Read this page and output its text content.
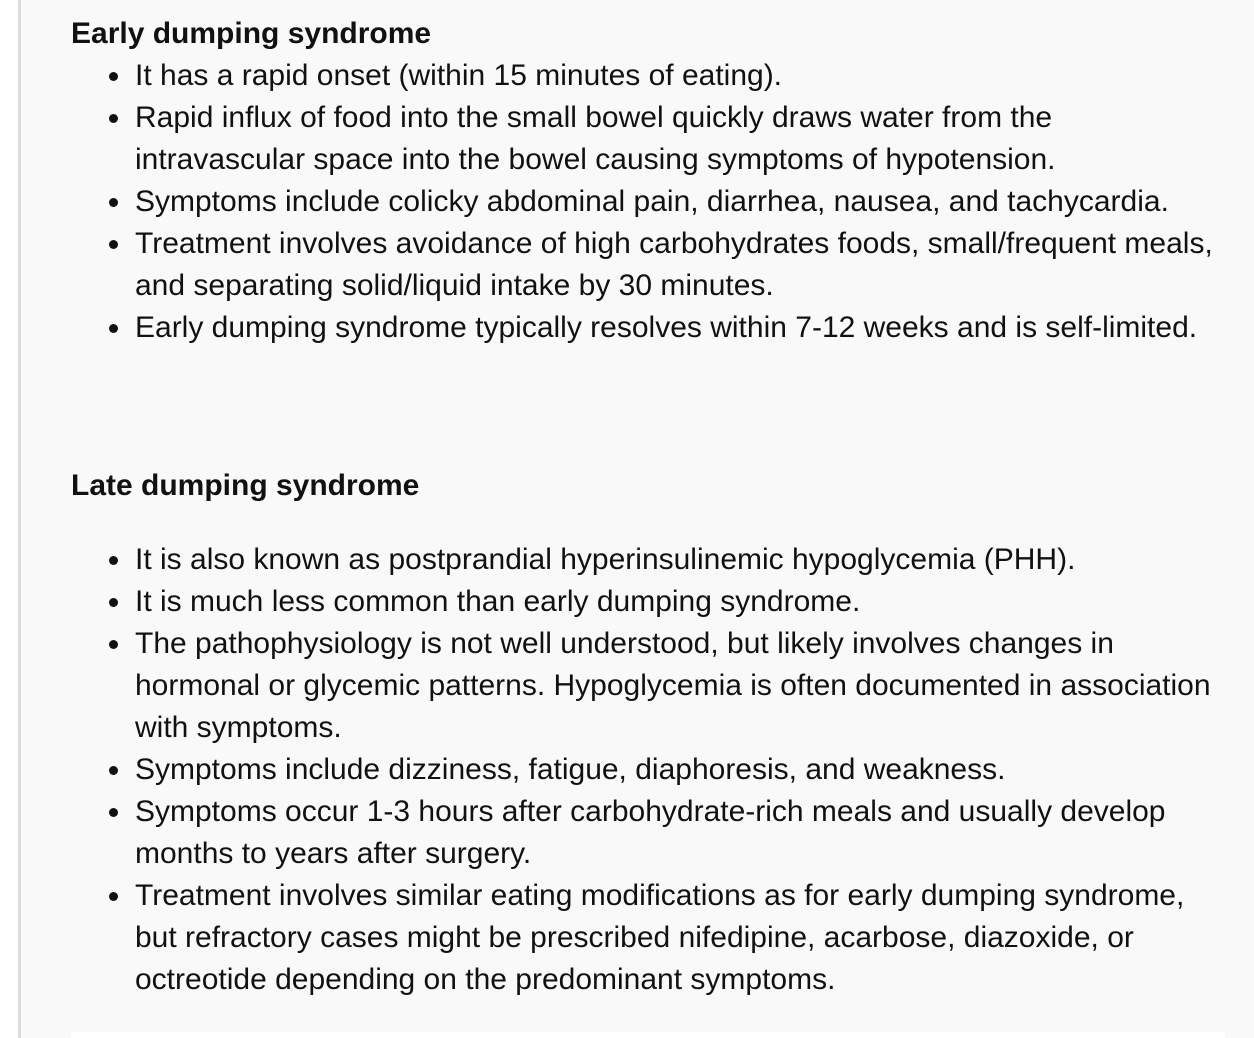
Early dumping syndrome
It has a rapid onset (within 15 minutes of eating).
Rapid influx of food into the small bowel quickly draws water from the intravascular space into the bowel causing symptoms of hypotension.
Symptoms include colicky abdominal pain, diarrhea, nausea, and tachycardia.
Treatment involves avoidance of high carbohydrates foods, small/frequent meals, and separating solid/liquid intake by 30 minutes.
Early dumping syndrome typically resolves within 7-12 weeks and is self-limited.
Late dumping syndrome
It is also known as postprandial hyperinsulinemic hypoglycemia (PHH).
It is much less common than early dumping syndrome.
The pathophysiology is not well understood, but likely involves changes in hormonal or glycemic patterns. Hypoglycemia is often documented in association with symptoms.
Symptoms include dizziness, fatigue, diaphoresis, and weakness.
Symptoms occur 1-3 hours after carbohydrate-rich meals and usually develop months to years after surgery.
Treatment involves similar eating modifications as for early dumping syndrome, but refractory cases might be prescribed nifedipine, acarbose, diazoxide, or octreotide depending on the predominant symptoms.
